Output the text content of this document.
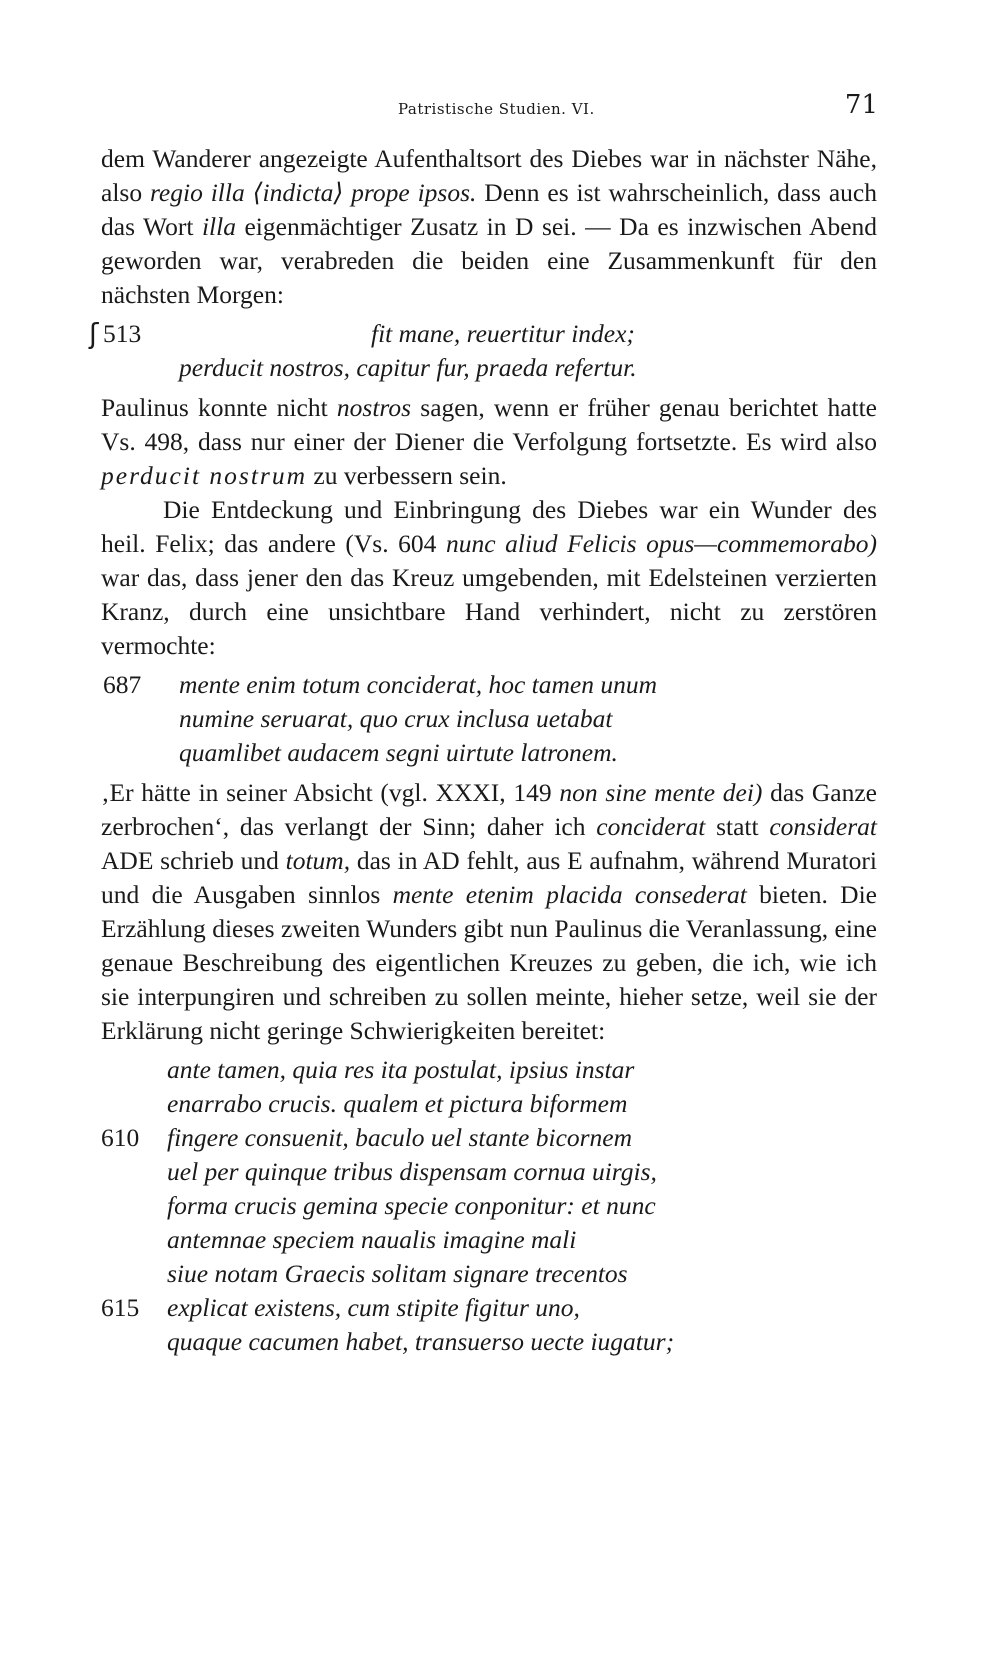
Patristische Studien. VI.	71

dem Wanderer angezeigte Aufenthaltsort des Diebes war in nächster Nähe, also regio illa ⟨indicta⟩ prope ipsos. Denn es ist wahrscheinlich, dass auch das Wort illa eigenmächtiger Zusatz in D sei. — Da es inzwischen Abend geworden war, verabreden die beiden eine Zusammenkunft für den nächsten Morgen:

ʃ 513	fit mane, reuertitur index;
perducit nostros, capitur fur, praeda refertur.

Paulinus konnte nicht nostros sagen, wenn er früher genau berichtet hatte Vs. 498, dass nur einer der Diener die Verfolgung fortsetzte. Es wird also perducit nostrum zu verbessern sein.

Die Entdeckung und Einbringung des Diebes war ein Wunder des heil. Felix; das andere (Vs. 604 nunc aliud Felicis opus—commemorabo) war das, dass jener den das Kreuz umgebenden, mit Edelsteinen verzierten Kranz, durch eine unsichtbare Hand verhindert, nicht zu zerstören vermochte:

687 mente enim totum conciderat, hoc tamen unum
numine seruarat, quo crux inclusa uetabat
quamlibet audacem segni uirtute latronem.

‚Er hätte in seiner Absicht (vgl. XXXI, 149 non sine mente dei) das Ganze zerbrochen‘, das verlangt der Sinn; daher ich conciderat statt considerat ADE schrieb und totum, das in AD fehlt, aus E aufnahm, während Muratori und die Ausgaben sinnlos mente etenim placida consederat bieten. Die Erzählung dieses zweiten Wunders gibt nun Paulinus die Veranlassung, eine genaue Beschreibung des eigentlichen Kreuzes zu geben, die ich, wie ich sie interpungiren und schreiben zu sollen meinte, hieher setze, weil sie der Erklärung nicht geringe Schwierigkeiten bereitet:

ante tamen, quia res ita postulat, ipsius instar
enarrabo crucis. qualem et pictura biformem
610 fingere consuenit, baculo uel stante bicornem
uel per quinque tribus dispensam cornua uirgis,
forma crucis gemina specie conponitur: et nunc
antemnae speciem naualis imagine mali
siue notam Graecis solitam signare trecentos
615 explicat existens, cum stipite figitur uno,
quaque cacumen habet, transuerso uecte iugatur;
